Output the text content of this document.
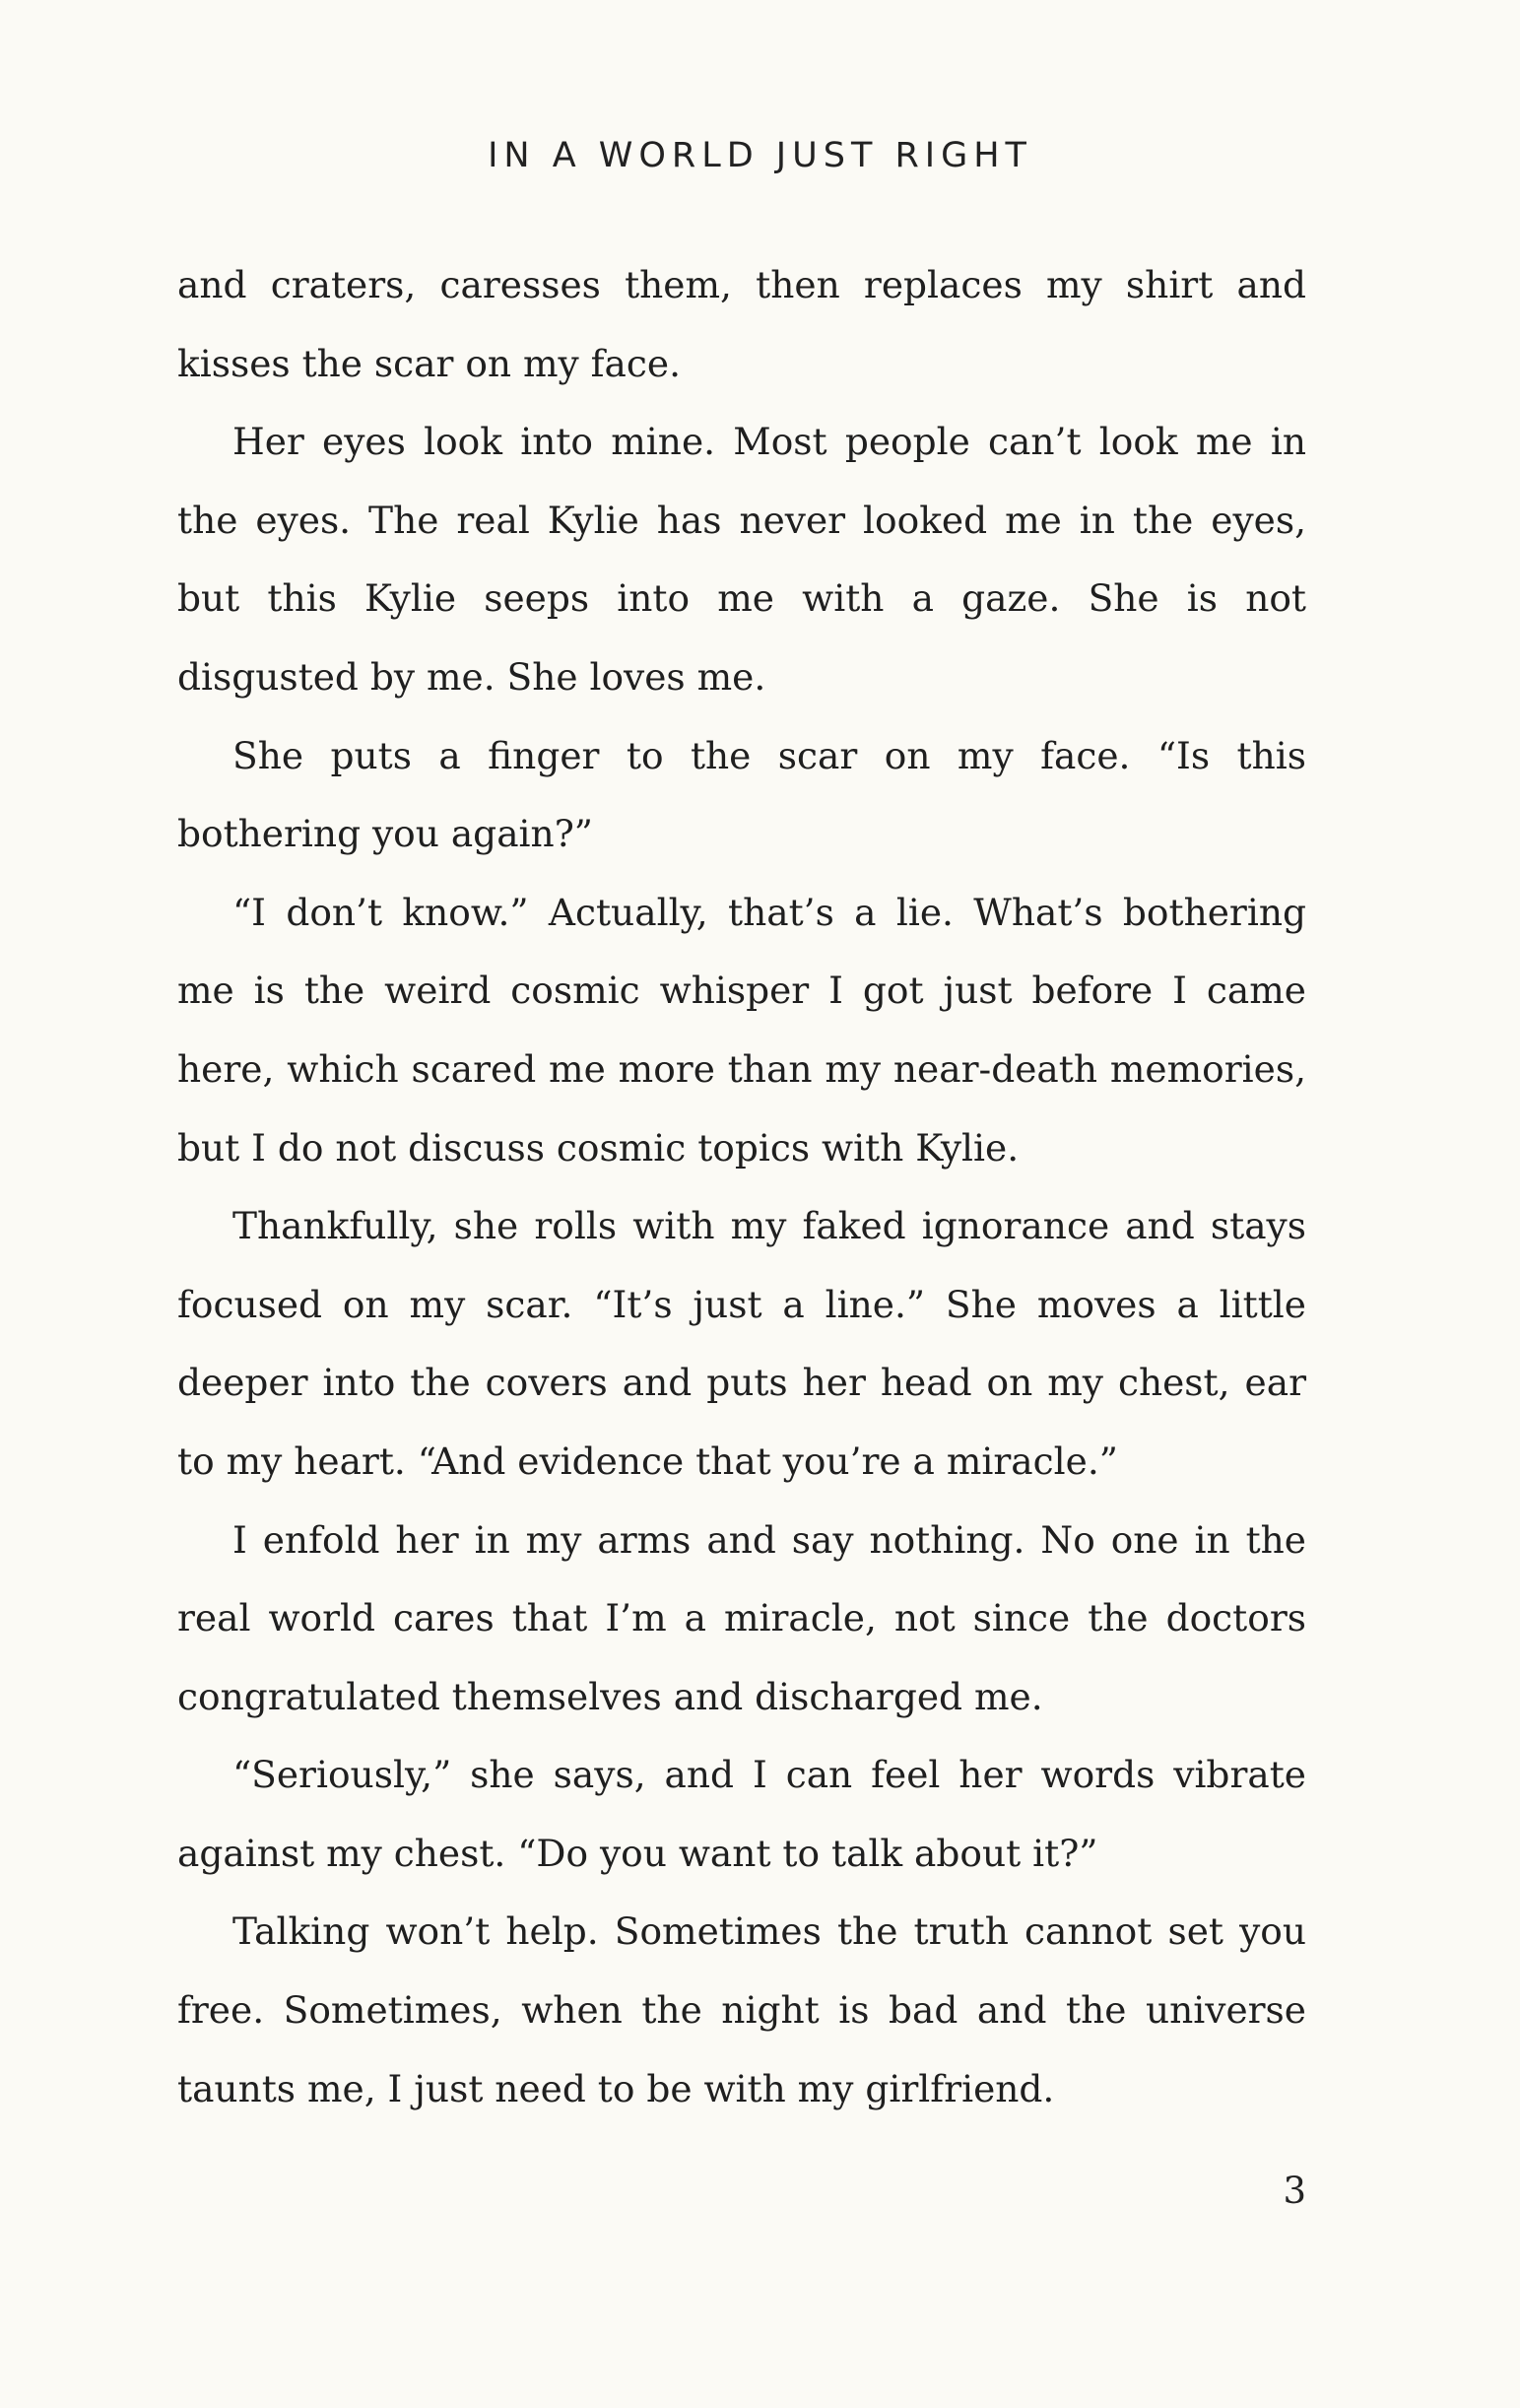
IN A WORLD JUST RIGHT

and craters, caresses them, then replaces my shirt and kisses the scar on my face.

Her eyes look into mine. Most people can’t look me in the eyes. The real Kylie has never looked me in the eyes, but this Kylie seeps into me with a gaze. She is not disgusted by me. She loves me.

She puts a finger to the scar on my face. “Is this bothering you again?”

“I don’t know.” Actually, that’s a lie. What’s bothering me is the weird cosmic whisper I got just before I came here, which scared me more than my near-death memories, but I do not discuss cosmic topics with Kylie.

Thankfully, she rolls with my faked ignorance and stays focused on my scar. “It’s just a line.” She moves a little deeper into the covers and puts her head on my chest, ear to my heart. “And evidence that you’re a miracle.”

I enfold her in my arms and say nothing. No one in the real world cares that I’m a miracle, not since the doctors congratulated themselves and discharged me.

“Seriously,” she says, and I can feel her words vibrate against my chest. “Do you want to talk about it?”

Talking won’t help. Sometimes the truth cannot set you free. Sometimes, when the night is bad and the universe taunts me, I just need to be with my girlfriend.

3
